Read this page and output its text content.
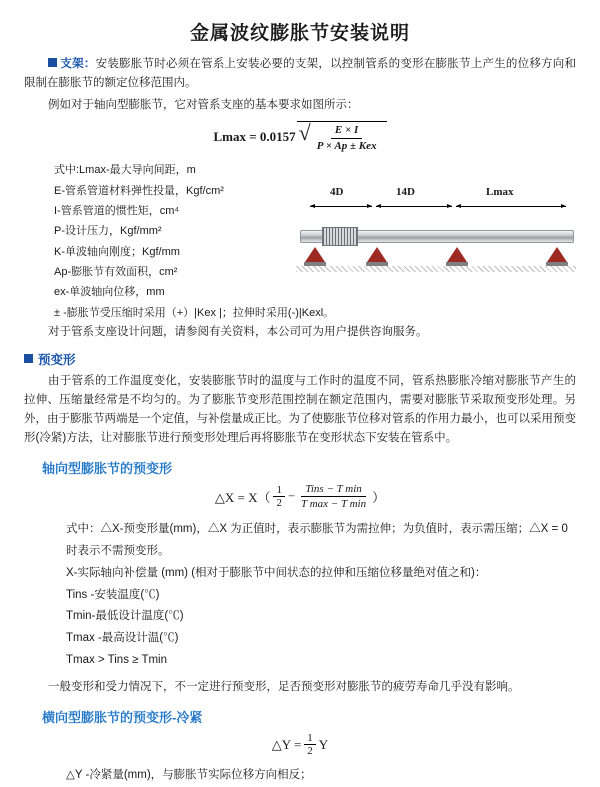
金属波纹膨胀节安装说明

支架：安装膨胀节时必须在管系上安装必要的支架，以控制管系的变形在膨胀节上产生的位移方向和限制在膨胀节的额定位移范围内。

例如对于轴向型膨胀节，它对管系支座的基本要求如图所示：

Lmax = 0.0157 √ $\frac{E \times I}{\text{P × Ap ± Kex}}$
式中:Lmax-最大导向间距，m
E-管系管道材料弹性投量，Kgf/cm²
I-管系管道的惯性矩，cm⁴
P-设计压力，Kgf/mm²
K-单波轴向刚度；Kgf/mm
Ap-膨胀节有效面积，cm²
ex-单波轴向位移，mm
± -膨胀节受压缩时采用（+）|Kex |；拉伸时采用(-)|Kexl。
4D	14D	Lmax

对于管系支座设计问题，请参阅有关资料，本公司可为用户提供咨询服务。

预变形

由于管系的工作温度变化，安装膨胀节时的温度与工作时的温度不同，管系热膨胀冷缩对膨胀节产生的拉伸、压缩量经常是不均匀的。为了膨胀节变形范围控制在额定范围内，需要对膨胀节采取预变形处理。另外，由于膨胀节两端是一个定值，与补偿量成正比。为了使膨胀节位移对管系的作用力最小，也可以采用预变形(冷紧)方法，让对膨胀节进行预变形处理后再将膨胀节在变形状态下安装在管系中。

轴向型膨胀节的预变形
△X = $X( \frac{1}{2} - \frac{\text{Tins − T min}}{\text{T max − T min}}$ ）
式中：△X-预变形量(mm)，△X 为正值时，表示膨胀节为需拉伸；为负值时，表示需压缩；△X = 0 时表示不需预变形。
X-实际轴向补偿量 (mm) (相对于膨胀节中间状态的拉伸和压缩位移量绝对值之和)：
Tins -安装温度(℃)
Tmin-最低设计温度(℃)
Tmax -最高设计温(℃)
Tmax > Tins ≥ Tmin

一般变形和受力情况下，不一定进行预变形，足否预变形对膨胀节的疲劳寿命几乎没有影响。

横向型膨胀节的预变形-冷紧
△Y = $\frac{1}{2}$ Y
△Y -冷紧量(mm)，与膨胀节实际位移方向相反；
